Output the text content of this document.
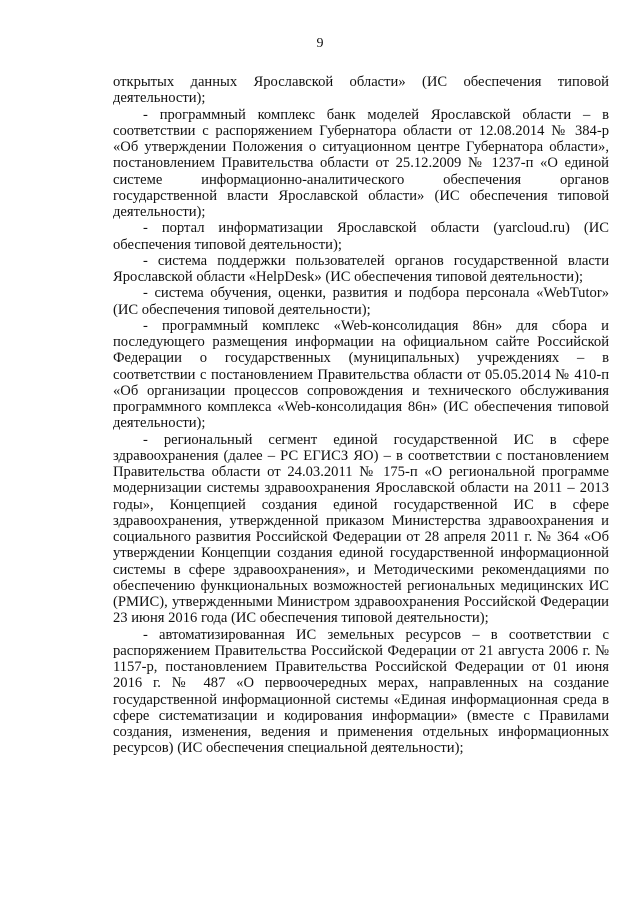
9

открытых данных Ярославской области» (ИС обеспечения типовой деятельности);

- программный комплекс банк моделей Ярославской области – в соответствии с распоряжением Губернатора области от 12.08.2014 № 384-р «Об утверждении Положения о ситуационном центре Губернатора области», постановлением Правительства области от 25.12.2009 № 1237-п «О единой системе информационно-аналитического обеспечения органов государственной власти Ярославской области» (ИС обеспечения типовой деятельности);

- портал информатизации Ярославской области (yarcloud.ru) (ИС обеспечения типовой деятельности);

- система поддержки пользователей органов государственной власти Ярославской области «HelpDesk» (ИС обеспечения типовой деятельности);

- система обучения, оценки, развития и подбора персонала «WebTutor» (ИС обеспечения типовой деятельности);

- программный комплекс «Web-консолидация 86н» для сбора и последующего размещения информации на официальном сайте Российской Федерации о государственных (муниципальных) учреждениях – в соответствии с постановлением Правительства области от 05.05.2014 № 410-п «Об организации процессов сопровождения и технического обслуживания программного комплекса «Web-консолидация 86н» (ИС обеспечения типовой деятельности);

- региональный сегмент единой государственной ИС в сфере здравоохранения (далее – РС ЕГИСЗ ЯО) – в соответствии с постановлением Правительства области от 24.03.2011 № 175-п «О региональной программе модернизации системы здравоохранения Ярославской области на 2011 – 2013 годы», Концепцией создания единой государственной ИС в сфере здравоохранения, утвержденной приказом Министерства здравоохранения и социального развития Российской Федерации от 28 апреля 2011 г. № 364 «Об утверждении Концепции создания единой государственной информационной системы в сфере здравоохранения», и Методическими рекомендациями по обеспечению функциональных возможностей региональных медицинских ИС (РМИС), утвержденными Министром здравоохранения Российской Федерации 23 июня 2016 года (ИС обеспечения типовой деятельности);

- автоматизированная ИС земельных ресурсов – в соответствии с распоряжением Правительства Российской Федерации от 21 августа 2006 г. № 1157-р, постановлением Правительства Российской Федерации от 01 июня 2016 г. № 487 «О первоочередных мерах, направленных на создание государственной информационной системы «Единая информационная среда в сфере систематизации и кодирования информации» (вместе с Правилами создания, изменения, ведения и применения отдельных информационных ресурсов) (ИС обеспечения специальной деятельности);
